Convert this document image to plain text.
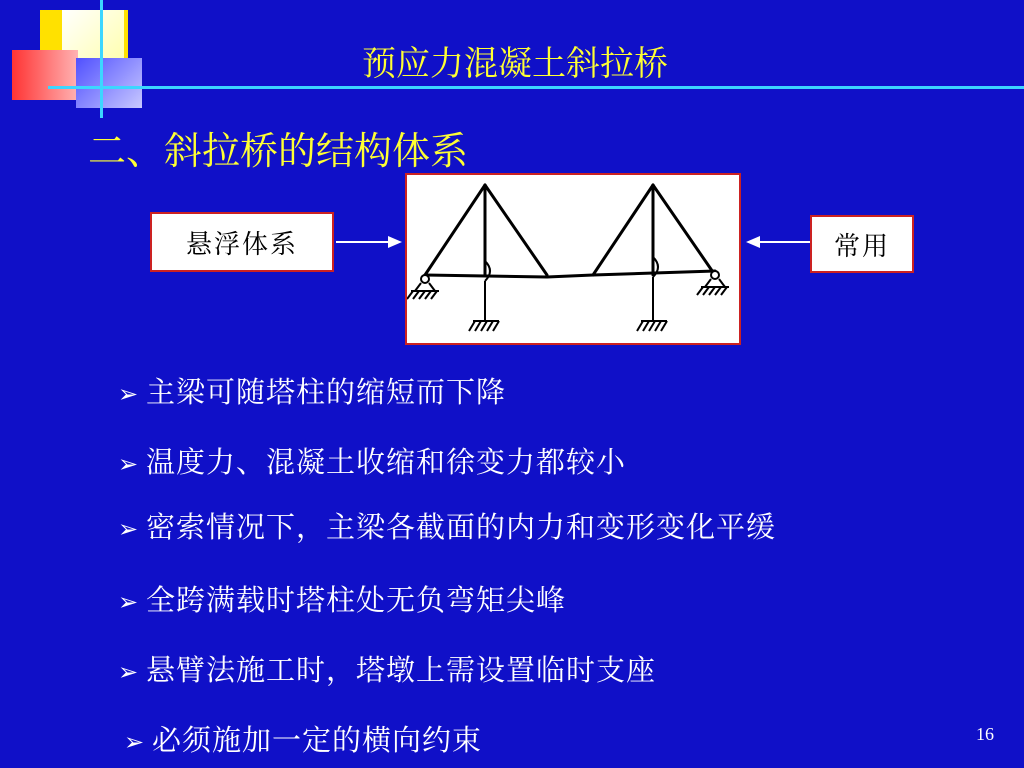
预应力混凝土斜拉桥
二、斜拉桥的结构体系
悬浮体系	常用
➢ 主梁可随塔柱的缩短而下降
➢ 温度力、混凝土收缩和徐变力都较小
➢ 密索情况下，主梁各截面的内力和变形变化平缓
➢ 全跨满载时塔柱处无负弯矩尖峰
➢ 悬臂法施工时，塔墩上需设置临时支座
➢ 必须施加一定的横向约束	16
